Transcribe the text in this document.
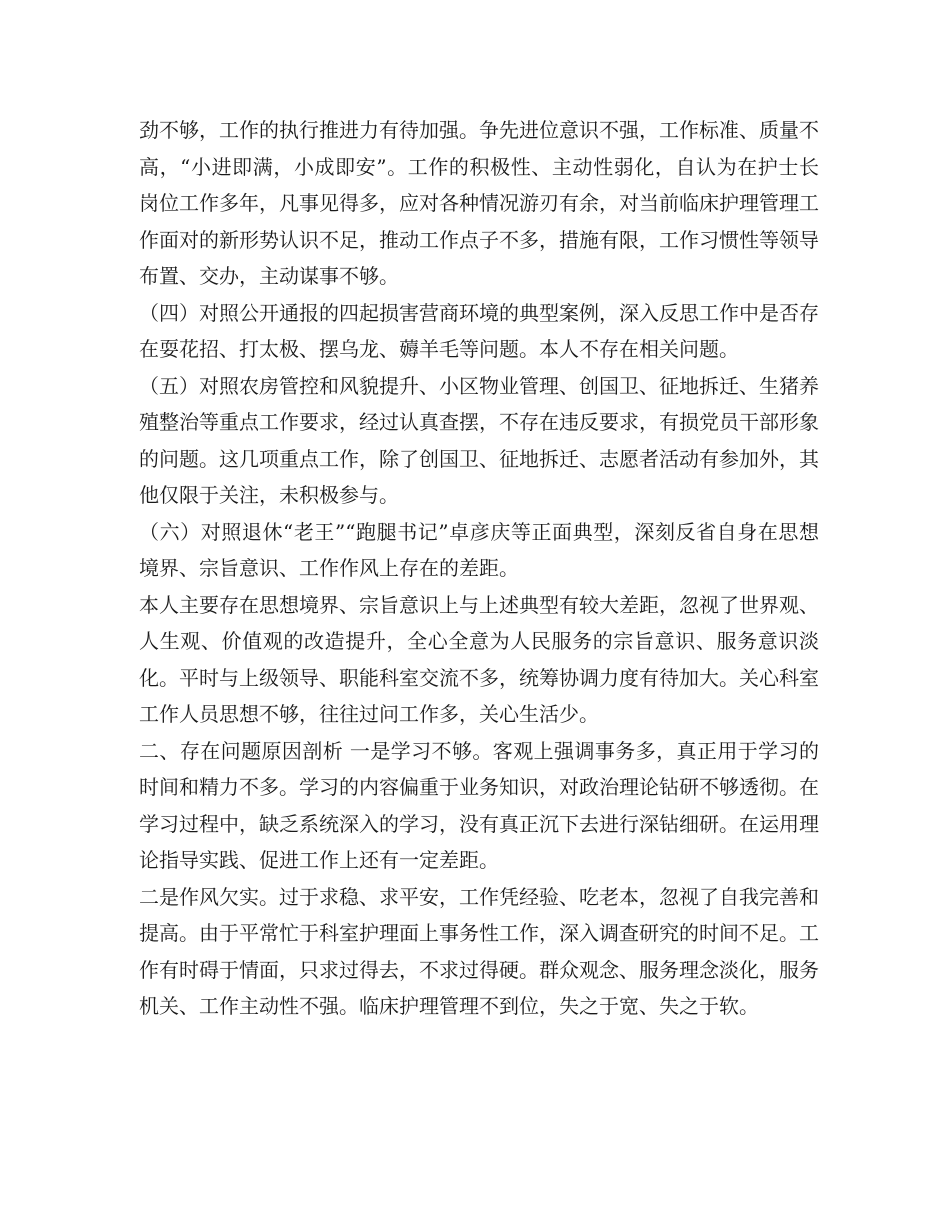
劲不够，工作的执行推进力有待加强。争先进位意识不强，工作标准、质量不高，“小进即满，小成即安”。工作的积极性、主动性弱化，自认为在护士长岗位工作多年，凡事见得多，应对各种情况游刃有余，对当前临床护理管理工作面对的新形势认识不足，推动工作点子不多，措施有限，工作习惯性等领导布置、交办，主动谋事不够。

（四）对照公开通报的四起损害营商环境的典型案例，深入反思工作中是否存在耍花招、打太极、摆乌龙、薅羊毛等问题。本人不存在相关问题。

（五）对照农房管控和风貌提升、小区物业管理、创国卫、征地拆迁、生猪养殖整治等重点工作要求，经过认真查摆，不存在违反要求，有损党员干部形象的问题。这几项重点工作，除了创国卫、征地拆迁、志愿者活动有参加外，其他仅限于关注，未积极参与。

（六）对照退休“老王”“跑腿书记”卓彦庆等正面典型，深刻反省自身在思想境界、宗旨意识、工作作风上存在的差距。

本人主要存在思想境界、宗旨意识上与上述典型有较大差距，忽视了世界观、人生观、价值观的改造提升，全心全意为人民服务的宗旨意识、服务意识淡化。平时与上级领导、职能科室交流不多，统筹协调力度有待加大。关心科室工作人员思想不够，往往过问工作多，关心生活少。

二、存在问题原因剖析 一是学习不够。客观上强调事务多，真正用于学习的时间和精力不多。学习的内容偏重于业务知识，对政治理论钻研不够透彻。在学习过程中，缺乏系统深入的学习，没有真正沉下去进行深钻细研。在运用理论指导实践、促进工作上还有一定差距。

二是作风欠实。过于求稳、求平安，工作凭经验、吃老本，忽视了自我完善和提高。由于平常忙于科室护理面上事务性工作，深入调查研究的时间不足。工作有时碍于情面，只求过得去，不求过得硬。群众观念、服务理念淡化，服务机关、工作主动性不强。临床护理管理不到位，失之于宽、失之于软。
